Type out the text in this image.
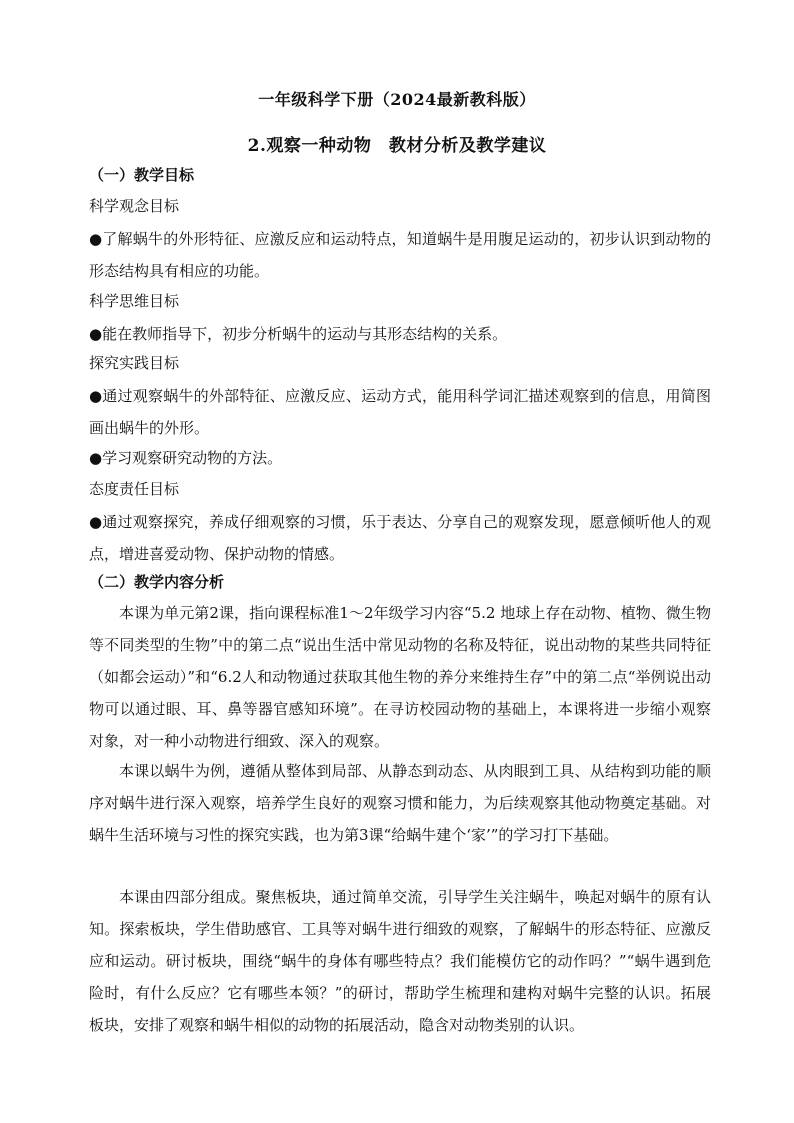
一年级科学下册（2024最新教科版）
2.观察一种动物　教材分析及教学建议
（一）教学目标
科学观念目标

●了解蜗牛的外形特征、应激反应和运动特点，知道蜗牛是用腹足运动的，初步认识到动物的形态结构具有相应的功能。

科学思维目标

●能在教师指导下，初步分析蜗牛的运动与其形态结构的关系。

探究实践目标

●通过观察蜗牛的外部特征、应激反应、运动方式，能用科学词汇描述观察到的信息，用简图画出蜗牛的外形。

●学习观察研究动物的方法。

态度责任目标

●通过观察探究，养成仔细观察的习惯，乐于表达、分享自己的观察发现，愿意倾听他人的观点，增进喜爱动物、保护动物的情感。

（二）教学内容分析

本课为单元第2课，指向课程标准1～2年级学习内容“5.2 地球上存在动物、植物、微生物等不同类型的生物”中的第二点“说出生活中常见动物的名称及特征，说出动物的某些共同特征（如都会运动）”和“6.2人和动物通过获取其他生物的养分来维持生存”中的第二点“举例说出动物可以通过眼、耳、鼻等器官感知环境”。在寻访校园动物的基础上，本课将进一步缩小观察对象，对一种小动物进行细致、深入的观察。

本课以蜗牛为例，遵循从整体到局部、从静态到动态、从肉眼到工具、从结构到功能的顺序对蜗牛进行深入观察，培养学生良好的观察习惯和能力，为后续观察其他动物奠定基础。对蜗牛生活环境与习性的探究实践，也为第3课“给蜗牛建个‘家’”的学习打下基础。

本课由四部分组成。聚焦板块，通过简单交流，引导学生关注蜗牛，唤起对蜗牛的原有认知。探索板块，学生借助感官、工具等对蜗牛进行细致的观察，了解蜗牛的形态特征、应激反应和运动。研讨板块，围绕“蜗牛的身体有哪些特点？我们能模仿它的动作吗？”“蜗牛遇到危险时，有什么反应？它有哪些本领？”的研讨，帮助学生梳理和建构对蜗牛完整的认识。拓展板块，安排了观察和蜗牛相似的动物的拓展活动，隐含对动物类别的认识。
